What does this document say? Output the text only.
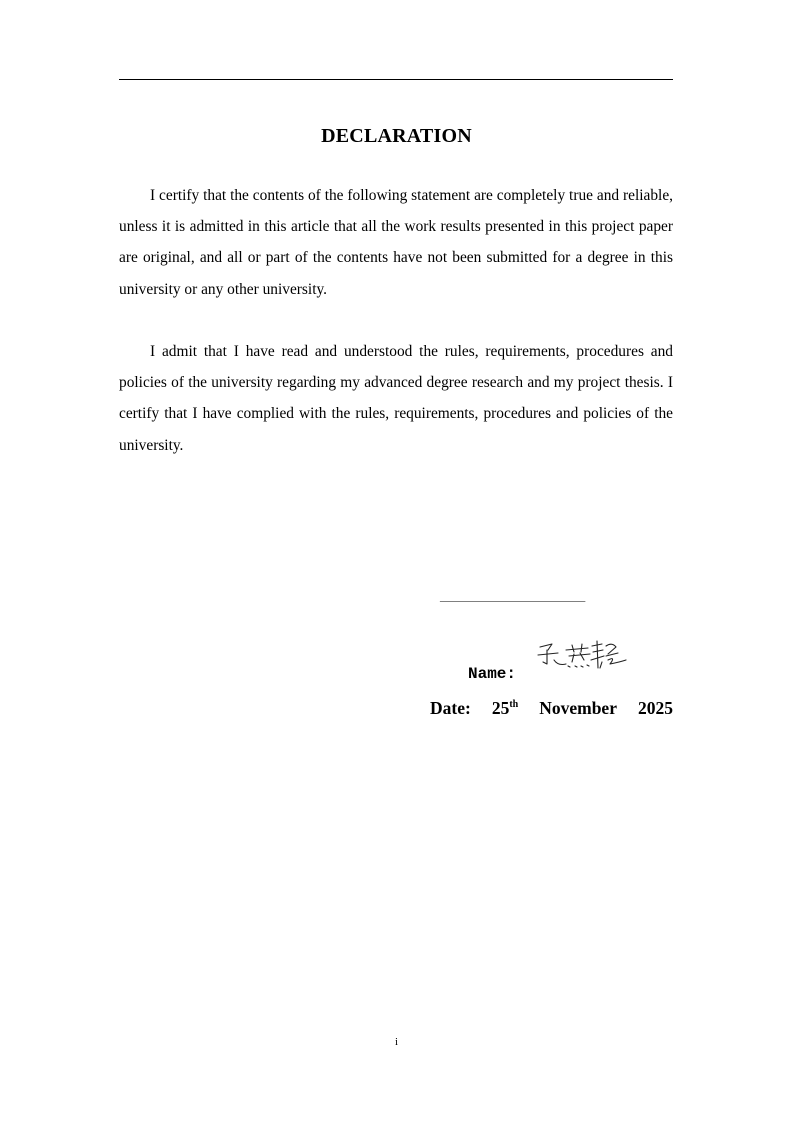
DECLARATION

I certify that the contents of the following statement are completely true and reliable, unless it is admitted in this article that all the work results presented in this project paper are original, and all or part of the contents have not been submitted for a degree in this university or any other university.

I admit that I have read and understood the rules, requirements, procedures and policies of the university regarding my advanced degree research and my project thesis. I certify that I have complied with the rules, requirements, procedures and policies of the university.

_____________________
Name:
Date: 25th November 2025
i
